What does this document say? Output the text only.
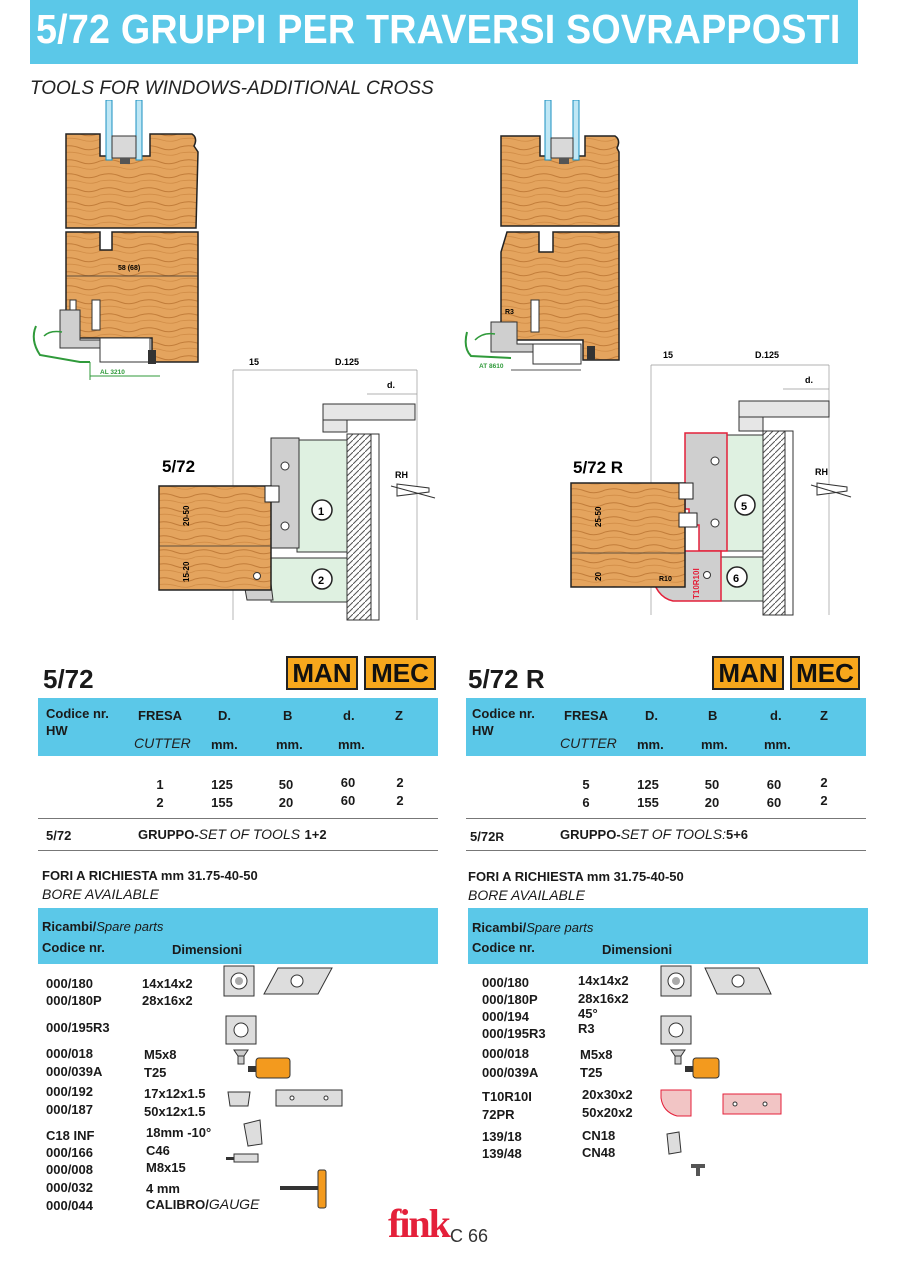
5/72 GRUPPI PER TRAVERSI SOVRAPPOSTI
TOOLS FOR WINDOWS-ADDITIONAL CROSS
58 (68)
AL 3210
R3
AT 8610
15	D.125
d.
5/72
20-50
15-20
1
2
RH
15	D.125
d.
5/72 R
25-50
20
5
6
T10R10I
R10
RH
5/72	MAN MEC
Codice nr.
HW
FRESA
CUTTER
D.	B	d.	Z
mm.	mm.	mm.
1	125	50	60	2
2	155	20	60	2
5/72	GRUPPO-SET OF TOOLS 1+2
FORI A RICHIESTA mm 31.75-40-50
BORE AVAILABLE
Ricambi/Spare parts
Codice nr.	Dimensioni
000/180	14x14x2
000/180P	28x16x2
000/195R3
000/018	M5x8
000/039A	T25
000/192	17x12x1.5
000/187	50x12x1.5
C18 INF	18mm -10°
000/166	C46
000/008	M8x15
000/032	4 mm
000/044	CALIBRO/GAUGE
5/72 R	MAN MEC
Codice nr.
HW
FRESA
CUTTER
D.	B	d.	Z
mm.	mm.	mm.
5	125	50	60	2
6	155	20	60	2
5/72R	GRUPPO-SET OF TOOLS:5+6
FORI A RICHIESTA mm 31.75-40-50
BORE AVAILABLE
Ricambi/Spare parts
Codice nr.	Dimensioni
000/180	14x14x2
000/180P	28x16x2
000/194	45°
000/195R3 R3
000/018	M5x8
000/039A	T25
T10R10I	20x30x2
72PR	50x20x2
139/18	CN18
139/48	CN48
fink C 66
